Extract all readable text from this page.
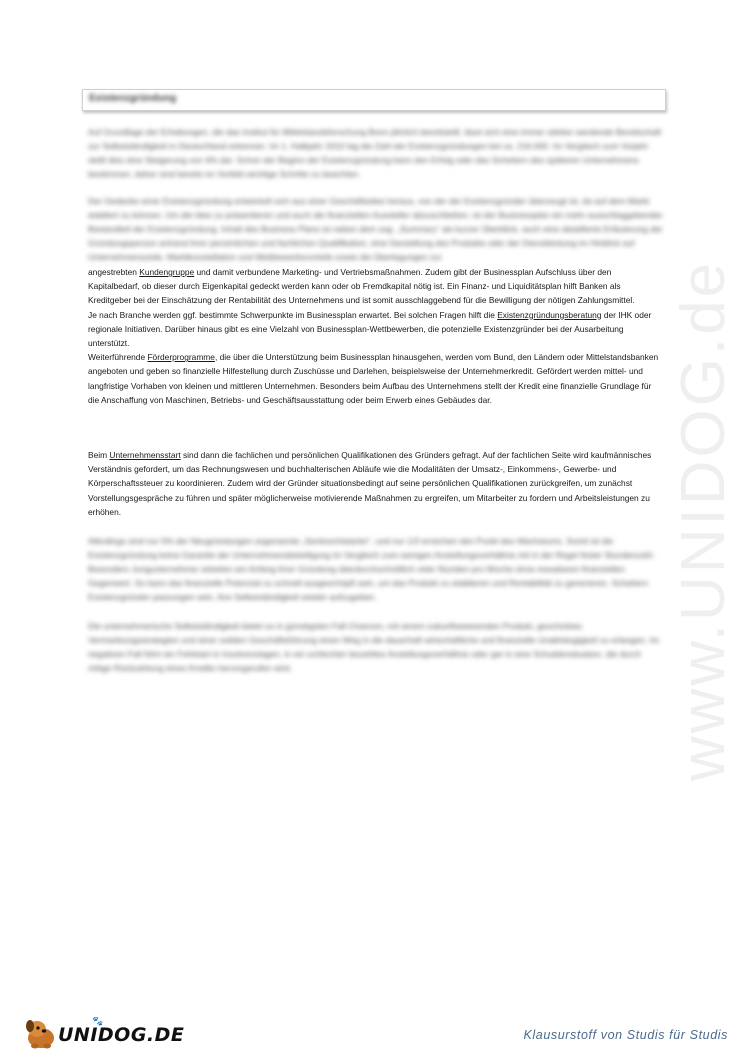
Existenzgründung

Auf Grundlage der Erhebungen, die das Institut für Mittelstandsforschung Bonn jährlich bereitstellt, lässt sich eine immer stärker werdende Bereitschaft zur Selbstständigkeit in Deutschland erkennen. Im 1. Halbjahr 2010 lag die Zahl der Existenzgründungen bei ca. 216.000. Im Vergleich zum Vorjahr stellt dies eine Steigerung von 4% dar. Schon der Beginn der Existenzgründung kann den Erfolg oder das Scheitern des späteren Unternehmens bestimmen, daher sind bereits im Vorfeld wichtige Schritte zu beachten.

Der Gedanke einer Existenzgründung entwickelt sich aus einer Geschäftsidee heraus, von der der Existenzgründer überzeugt ist, da auf dem Markt etabliert zu können. Um die Idee zu präsentieren und auch die finanziellen Aussteller abzuschließen, ist der Businessplan ein mehr ausschlaggebender Bestandteil der Existenzgründung. Inhalt des Business Plans ist neben dem sog. „Summary“ als kurzer Überblick, auch eine detaillierte Erläuterung der Gründungsperson anhand ihrer persönlichen und fachlichen Qualifikation, eine Darstellung des Produkts oder der Dienstleistung im Hinblick auf Unternehmensziele, Marktkonstellation und Wettbewerbsvorteile sowie die Überlegungen zur

angestrebten Kundengruppe und damit verbundene Marketing- und Vertriebsmaßnahmen. Zudem gibt der Businessplan Aufschluss über den Kapitalbedarf, ob dieser durch Eigenkapital gedeckt werden kann oder ob Fremdkapital nötig ist. Ein Finanz- und Liquiditätsplan hilft Banken als Kreditgeber bei der Einschätzung der Rentabilität des Unternehmens und ist somit ausschlaggebend für die Bewilligung der nötigen Zahlungsmittel.

Je nach Branche werden ggf. bestimmte Schwerpunkte im Businessplan erwartet. Bei solchen Fragen hilft die Existenzgründungsberatung der IHK oder regionale Initiativen. Darüber hinaus gibt es eine Vielzahl von Businessplan-Wettbewerben, die potenzielle Existenzgründer bei der Ausarbeitung unterstützt.

Weiterführende Förderprogramme, die über die Unterstützung beim Businessplan hinausgehen, werden vom Bund, den Ländern oder Mittelstandsbanken angeboten und geben so finanzielle Hilfestellung durch Zuschüsse und Darlehen, beispielsweise der Unternehmerkredit. Gefördert werden mittel- und langfristige Vorhaben von kleinen und mittleren Unternehmen. Besonders beim Aufbau des Unternehmens stellt der Kredit eine finanzielle Grundlage für die Anschaffung von Maschinen, Betriebs- und Geschäftsausstattung oder beim Erwerb eines Gebäudes dar.

Beim Unternehmensstart sind dann die fachlichen und persönlichen Qualifikationen des Gründers gefragt. Auf der fachlichen Seite wird kaufmännisches Verständnis gefordert, um das Rechnungswesen und buchhalterischen Abläufe wie die Modalitäten der Umsatz-, Einkommens-, Gewerbe- und Körperschaftssteuer zu koordinieren. Zudem wird der Gründer situationsbedingt auf seine persönlichen Qualifikationen zurückgreifen, um zunächst Vorstellungsgespräche zu führen und später möglicherweise motivierende Maßnahmen zu ergreifen, um Mitarbeiter zu fordern und Arbeitsleistungen zu erhöhen.

Allerdings sind nur 5% der Neugründungen sogenannte „Senkrechtstarter“, und nur 1/3 erreichen den Punkt des Wachstums. Somit ist die Existenzgründung keine Garantie der Unternehmensbeteiligung im Vergleich zum wenigen Anstellungsverhältnis mit in der Regel fester Stundenzahl. Besonders Jungunternehmer arbeiten am Anfang ihrer Gründung überdurchschnittlich viele Stunden pro Woche ohne messbaren finanziellen Gegenwert. So kann das finanzielle Potenzial zu schnell ausgeschöpft sein, um das Produkt zu etablieren und Rentabilität zu generieren. Scheitern Existenzgründer passungen sein, ihre Selbstständigkeit wieder aufzugeben.

Die unternehmerische Selbstständigkeit bietet so in günstigsten Fall Chancen, mit einem zukunftsweisenden Produkt, geschicktes Vermarktungsstrategien und einer soliden Geschäftsführung einen Weg in die dauerhaft wirtschaftliche und finanzielle Unabhängigkeit zu erlangen. Im negativen Fall führt ein Fehlstart in Insolvenzlagen, in ein schlechter bezahltes Anstellungsverhältnis oder gar in eine Schuldensituation, die durch nötige Rückzahlung eines Kredits hervorgerufen wird.	www.UNIDOG.de
🐾
UNIDOG.DE	Klausurstoff von Studis für Studis
